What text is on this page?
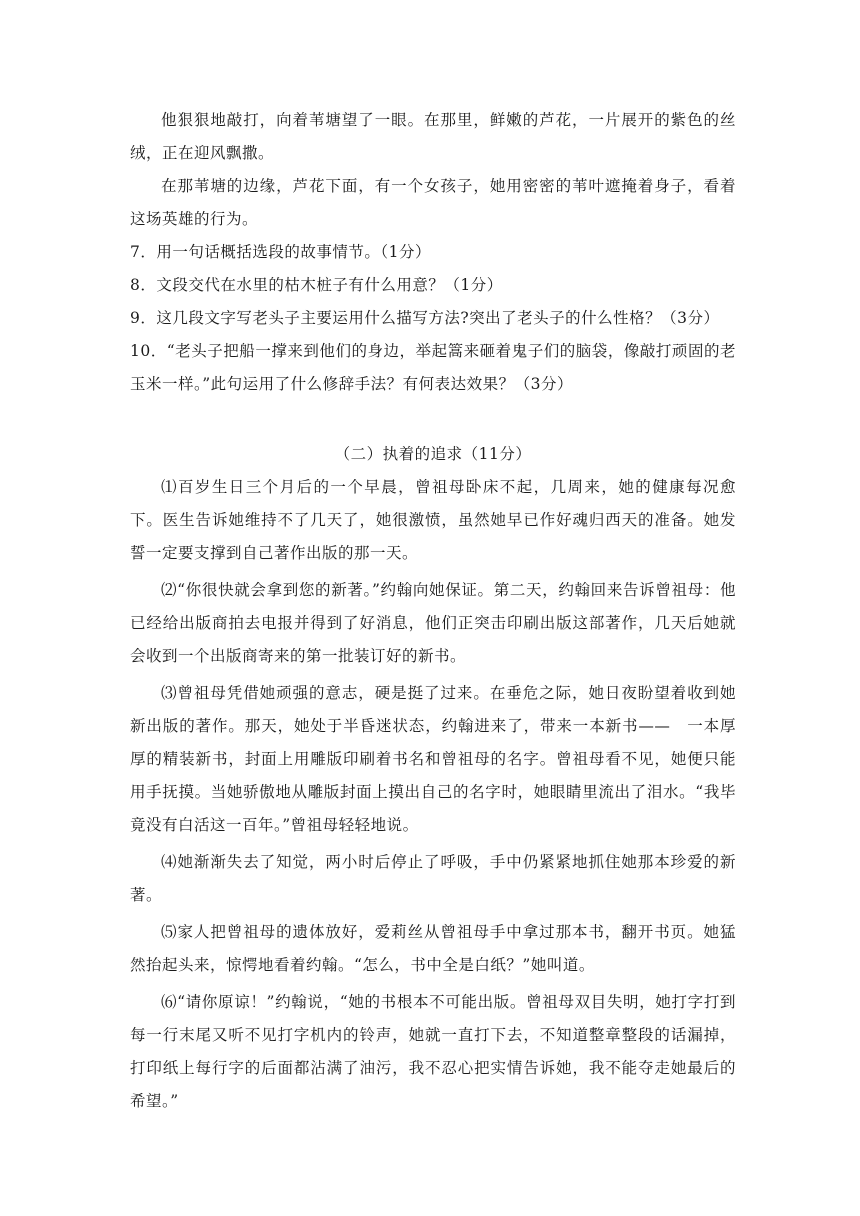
他狠狠地敲打，向着苇塘望了一眼。在那里，鲜嫩的芦花，一片展开的紫色的丝绒，正在迎风飘撒。

在那苇塘的边缘，芦花下面，有一个女孩子，她用密密的苇叶遮掩着身子，看着这场英雄的行为。

7．用一句话概括选段的故事情节。（1分）

8．文段交代在水里的枯木桩子有什么用意？（1分）

9．这几段文字写老头子主要运用什么描写方法?突出了老头子的什么性格？（3分）

10．“老头子把船一撑来到他们的身边，举起篙来砸着鬼子们的脑袋，像敲打顽固的老玉米一样。”此句运用了什么修辞手法？有何表达效果？（3分）

（二）执着的追求（11分）

⑴百岁生日三个月后的一个早晨，曾祖母卧床不起，几周来，她的健康每况愈下。医生告诉她维持不了几天了，她很激愤，虽然她早已作好魂归西天的准备。她发誓一定要支撑到自己著作出版的那一天。

⑵“你很快就会拿到您的新著。”约翰向她保证。第二天，约翰回来告诉曾祖母：他已经给出版商拍去电报并得到了好消息，他们正突击印刷出版这部著作，几天后她就会收到一个出版商寄来的第一批装订好的新书。

⑶曾祖母凭借她顽强的意志，硬是挺了过来。在垂危之际，她日夜盼望着收到她新出版的著作。那天，她处于半昏迷状态，约翰进来了，带来一本新书——　一本厚厚的精装新书，封面上用雕版印刷着书名和曾祖母的名字。曾祖母看不见，她便只能用手抚摸。当她骄傲地从雕版封面上摸出自己的名字时，她眼睛里流出了泪水。“我毕竟没有白活这一百年。”曾祖母轻轻地说。

⑷她渐渐失去了知觉，两小时后停止了呼吸，手中仍紧紧地抓住她那本珍爱的新著。

⑸家人把曾祖母的遗体放好，爱莉丝从曾祖母手中拿过那本书，翻开书页。她猛然抬起头来，惊愕地看着约翰。“怎么，书中全是白纸？”她叫道。

⑹“请你原谅！”约翰说，“她的书根本不可能出版。曾祖母双目失明，她打字打到每一行末尾又听不见打字机内的铃声，她就一直打下去，不知道整章整段的话漏掉，打印纸上每行字的后面都沾满了油污，我不忍心把实情告诉她，我不能夺走她最后的希望。”
